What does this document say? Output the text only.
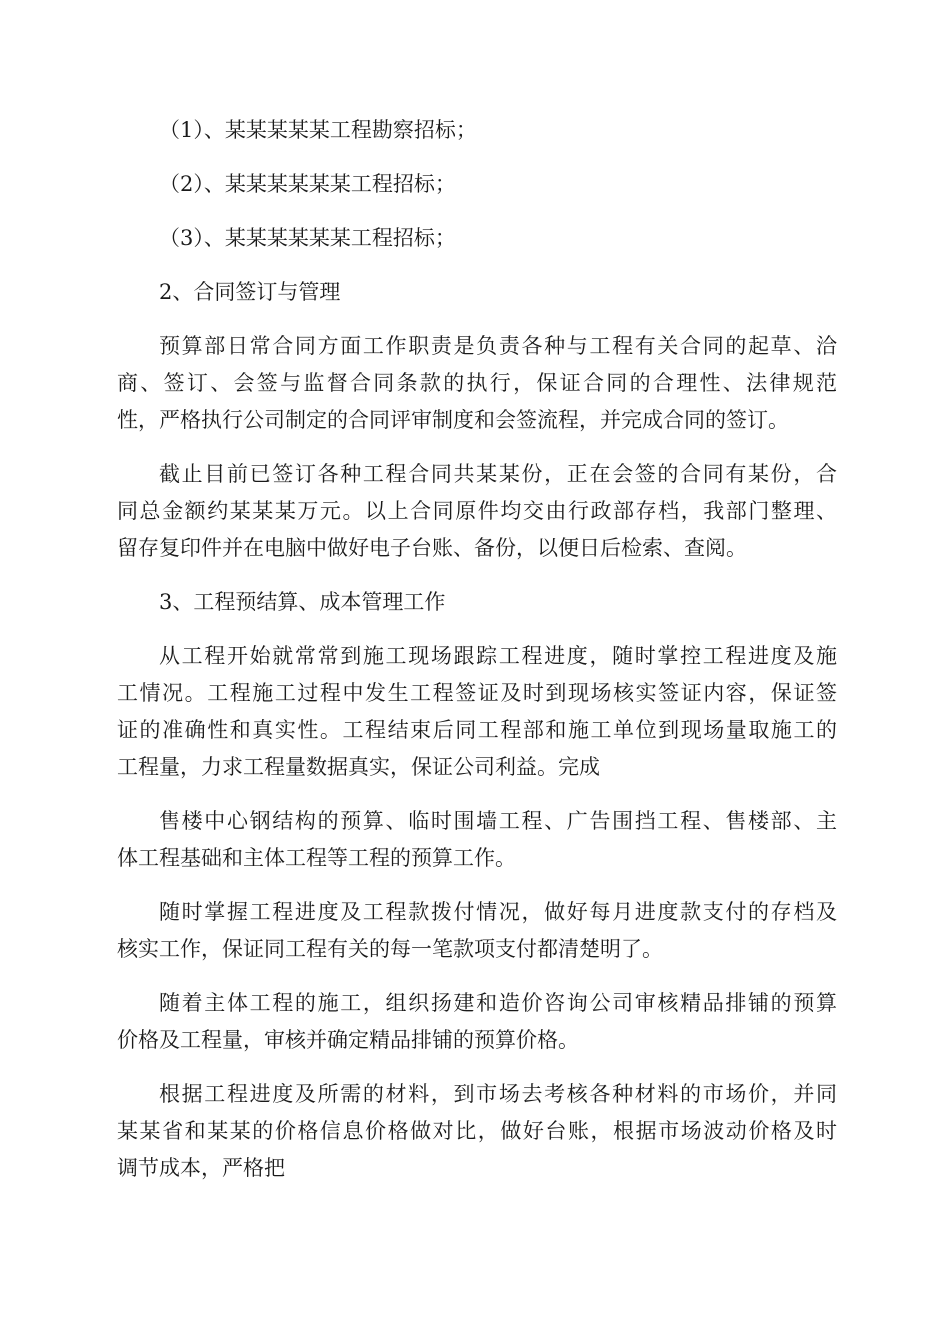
（1）、某某某某某工程勘察招标；
（2）、某某某某某某工程招标；
（3）、某某某某某某工程招标；
2、合同签订与管理
预算部日常合同方面工作职责是负责各种与工程有关合同的起草、洽
商、签订、会签与监督合同条款的执行，保证合同的合理性、法律规范
性，严格执行公司制定的合同评审制度和会签流程，并完成合同的签订。
截止目前已签订各种工程合同共某某份，正在会签的合同有某份，合
同总金额约某某某万元。以上合同原件均交由行政部存档，我部门整理、
留存复印件并在电脑中做好电子台账、备份，以便日后检索、查阅。
3、工程预结算、成本管理工作
从工程开始就常常到施工现场跟踪工程进度，随时掌控工程进度及施
工情况。工程施工过程中发生工程签证及时到现场核实签证内容，保证签
证的准确性和真实性。工程结束后同工程部和施工单位到现场量取施工的
工程量，力求工程量数据真实，保证公司利益。完成
售楼中心钢结构的预算、临时围墙工程、广告围挡工程、售楼部、主
体工程基础和主体工程等工程的预算工作。
随时掌握工程进度及工程款拨付情况，做好每月进度款支付的存档及
核实工作，保证同工程有关的每一笔款项支付都清楚明了。
随着主体工程的施工，组织扬建和造价咨询公司审核精品排铺的预算
价格及工程量，审核并确定精品排铺的预算价格。
根据工程进度及所需的材料，到市场去考核各种材料的市场价，并同
某某省和某某的价格信息价格做对比，做好台账，根据市场波动价格及时
调节成本，严格把
